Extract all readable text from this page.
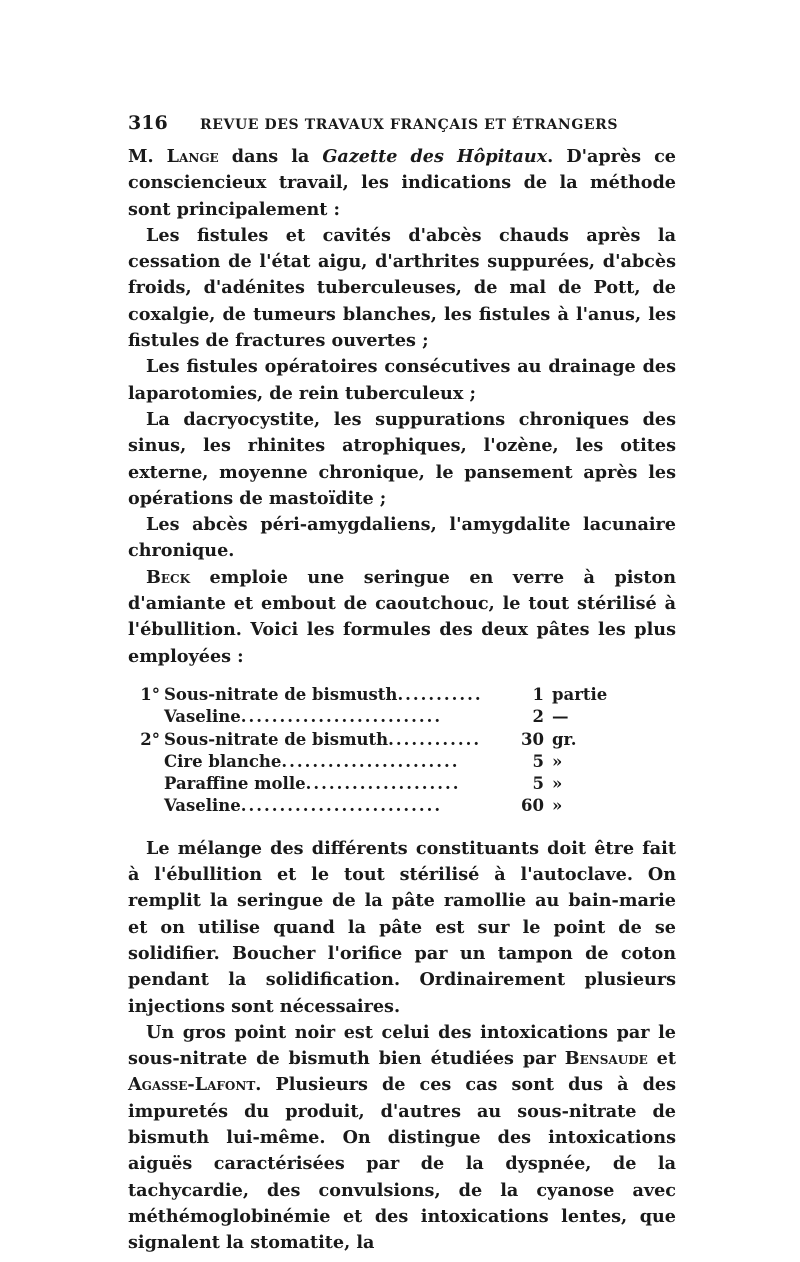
316	REVUE DES TRAVAUX FRANÇAIS ET ÉTRANGERS

M. Lange dans la Gazette des Hôpitaux. D'après ce consciencieux travail, les indications de la méthode sont principalement :

Les fistules et cavités d'abcès chauds après la cessation de l'état aigu, d'arthrites suppurées, d'abcès froids, d'adénites tuberculeuses, de mal de Pott, de coxalgie, de tumeurs blanches, les fistules à l'anus, les fistules de fractures ouvertes ;

Les fistules opératoires consécutives au drainage des laparotomies, de rein tuberculeux ;

La dacryocystite, les suppurations chroniques des sinus, les rhinites atrophiques, l'ozène, les otites externe, moyenne chronique, le pansement après les opérations de mastoïdite ;

Les abcès péri-amygdaliens, l'amygdalite lacunaire chronique.

Beck emploie une seringue en verre à piston d'amiante et embout de caoutchouc, le tout stérilisé à l'ébullition. Voici les formules des deux pâtes les plus employées :

1° Sous-nitrate de bismusth...........	1 partie
Vaseline..........................	2 —
2° Sous-nitrate de bismuth............	30 gr.
Cire blanche.......................	5 »
Paraffine molle....................	5 »
Vaseline..........................	60 »

Le mélange des différents constituants doit être fait à l'ébullition et le tout stérilisé à l'autoclave. On remplit la seringue de la pâte ramollie au bain-marie et on utilise quand la pâte est sur le point de se solidifier. Boucher l'orifice par un tampon de coton pendant la solidification. Ordinairement plusieurs injections sont nécessaires.

Un gros point noir est celui des intoxications par le sous-nitrate de bismuth bien étudiées par Bensaude et Agasse-Lafont. Plusieurs de ces cas sont dus à des impuretés du produit, d'autres au sous-nitrate de bismuth lui-même. On distingue des intoxications aiguës caractérisées par de la dyspnée, de la tachycardie, des convulsions, de la cyanose avec méthémoglobinémie et des intoxications lentes, que signalent la stomatite, la
